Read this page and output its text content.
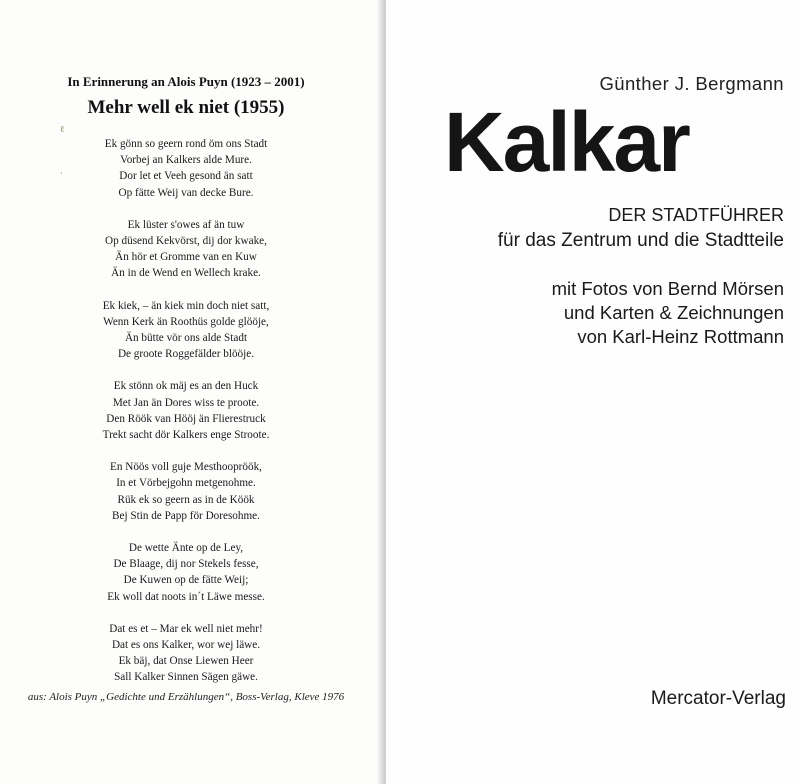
ℓ
·
In Erinnerung an Alois Puyn (1923 – 2001)
Mehr well ek niet (1955)
Ek gönn so geern rond öm ons Stadt
Vorbej an Kalkers alde Mure.
Dor let et Veeh gesond än satt
Op fätte Weij van decke Bure.
Ek lüster s'owes af än tuw
Op düsend Kekvörst, dij dor kwake,
Än hör et Gromme van en Kuw
Än in de Wend en Wellech krake.
Ek kiek, – än kiek min doch niet satt,
Wenn Kerk än Roothüs golde glööje,
Än bütte vör ons alde Stadt
De groote Roggefälder blööje.
Ek stönn ok mäj es an den Huck
Met Jan än Dores wiss te proote.
Den Röök van Hööj än Flierestruck
Trekt sacht dör Kalkers enge Stroote.
En Nöös voll guje Mesthoopröök,
In et Vörbejgohn metgenohme.
Rük ek so geern as in de Köök
Bej Stin de Papp för Doresohme.
De wette Änte op de Ley,
De Blaage, dij nor Stekels fesse,
De Kuwen op de fätte Weij;
Ek woll dat noots in´t Läwe messe.
Dat es et – Mar ek well niet mehr!
Dat es ons Kalker, wor wej läwe.
Ek bäj, dat Onse Liewen Heer
Sall Kalker Sinnen Sägen gäwe.
aus: Alois Puyn „Gedichte und Erzählungen“, Boss-Verlag, Kleve 1976
Günther J. Bergmann
Kalkar
DER STADTFÜHRER
für das Zentrum und die Stadtteile
mit Fotos von Bernd Mörsen
und Karten & Zeichnungen
von Karl-Heinz Rottmann
Mercator-Verlag
